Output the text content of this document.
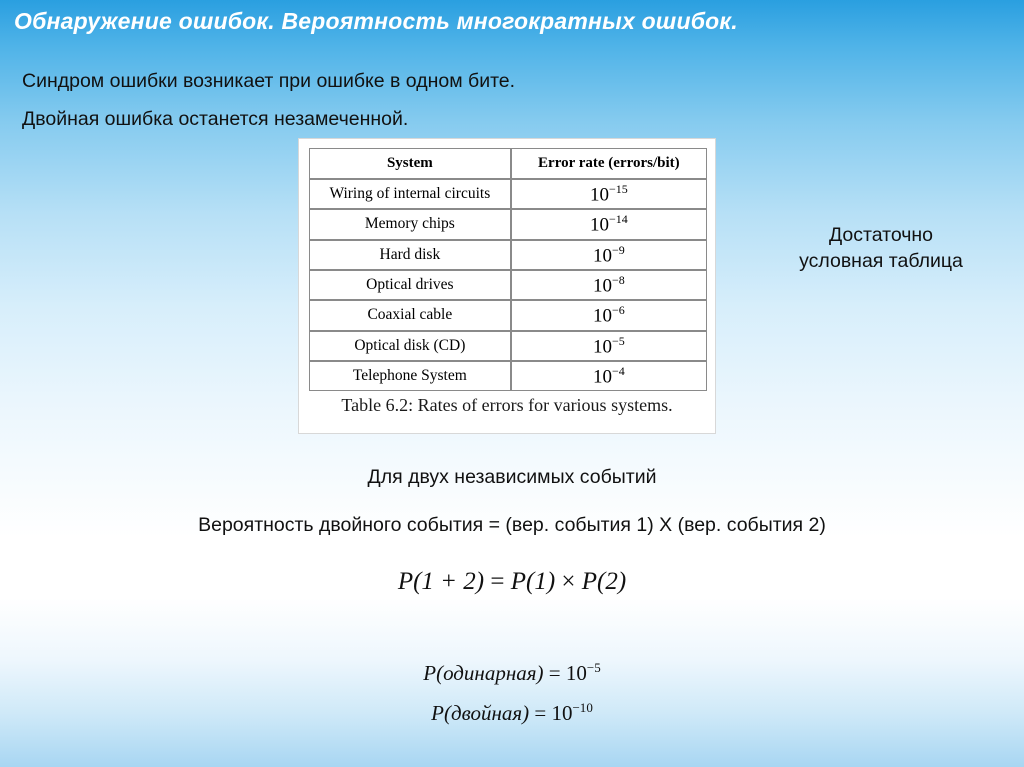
Обнаружение ошибок. Вероятность многократных ошибок.
Синдром ошибки возникает при ошибке в одном бите.
Двойная ошибка останется незамеченной.
System	Error rate (errors/bit)
Wiring of internal circuits	$10^{-15}$
Memory chips	$10^{-14}$
Hard disk	$10^{-9}$
Optical drives	$10^{-8}$
Coaxial cable	$10^{-6}$
Optical disk (CD)	$10^{-5}$
Telephone System	$10^{-4}$
Table 6.2: Rates of errors for various systems.
Достаточно
условная таблица
Для двух независимых событий
Вероятность двойного события = (вер. события 1) Х (вер. события 2)
P(1 + 2) = P(1) × P(2)
P(одинарная) = $10^{-5}$
P(двойная) = $10^{-10}$
